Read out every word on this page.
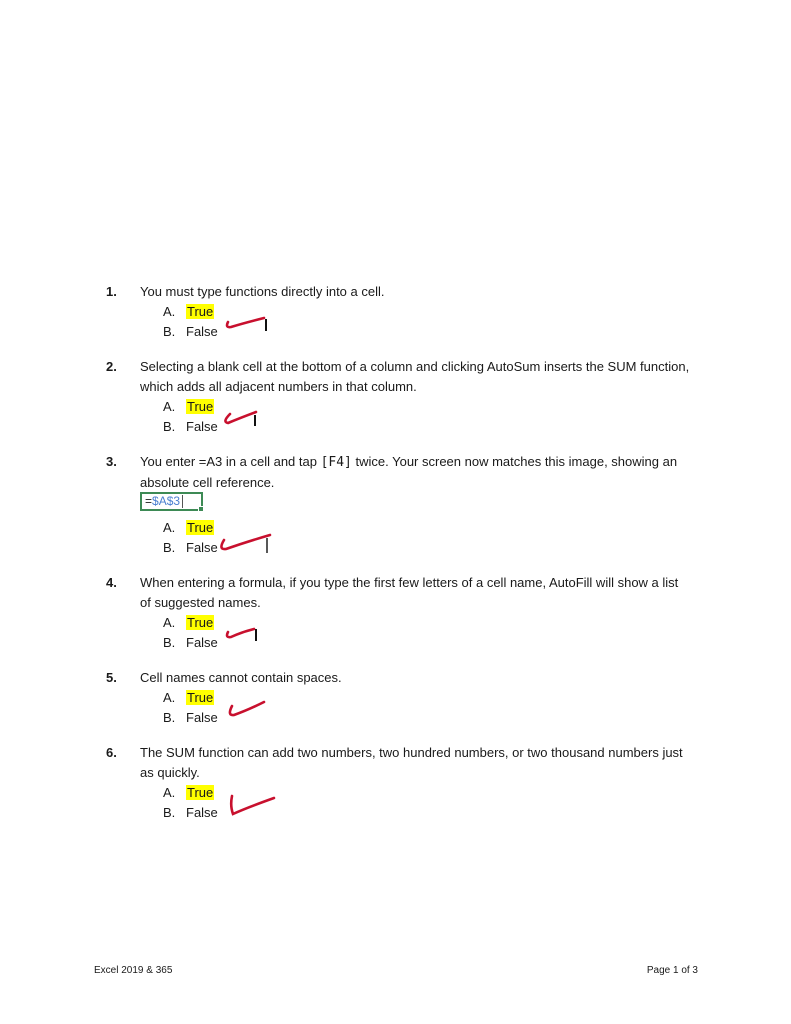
1. You must type functions directly into a cell.
A. True
B. False
2. Selecting a blank cell at the bottom of a column and clicking AutoSum inserts the SUM function,
which adds all adjacent numbers in that column.
A. True
B. False
3. You enter =A3 in a cell and tap [F4] twice. Your screen now matches this image, showing an
absolute cell reference.
=$A$3
A. True
B. False
4. When entering a formula, if you type the first few letters of a cell name, AutoFill will show a list
of suggested names.
A. True
B. False
5. Cell names cannot contain spaces.
A. True
B. False
6. The SUM function can add two numbers, two hundred numbers, or two thousand numbers just
as quickly.
A. True
B. False
Excel 2019 & 365	Page 1 of 3
